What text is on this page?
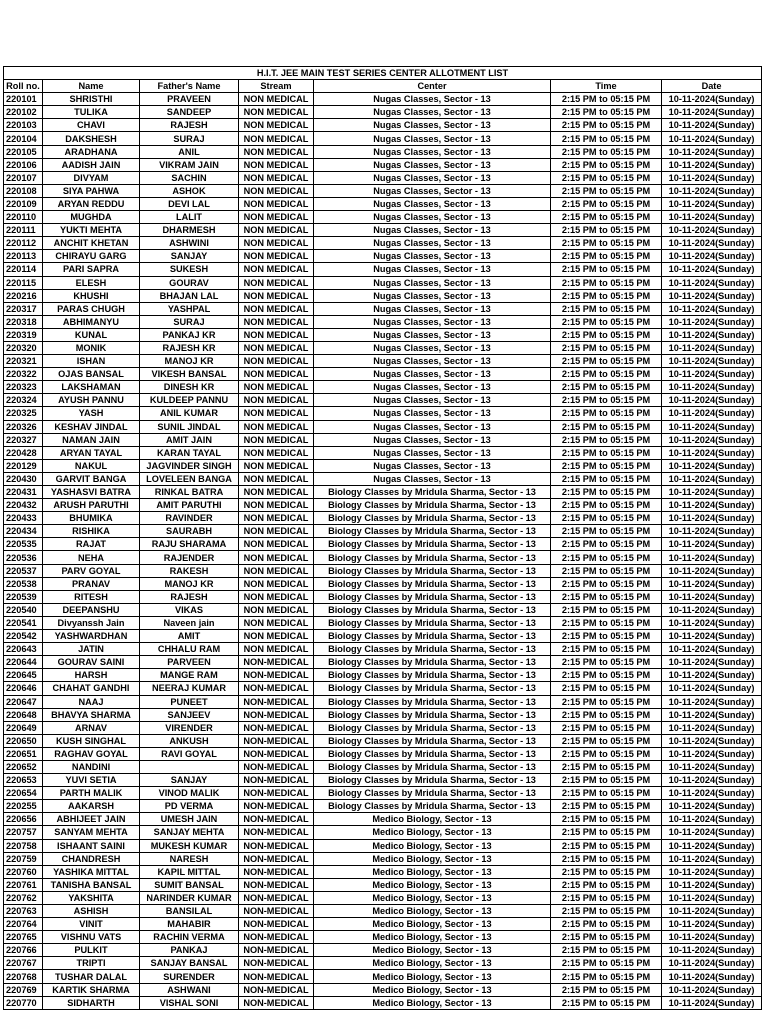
H.I.T. JEE MAIN TEST SERIES CENTER ALLOTMENT LIST						
Roll no.	Name	Father's Name	Stream	Center	Time	Date
220101	SHRISTHI	PRAVEEN	NON MEDICAL	Nugas Classes, Sector - 13	2:15 PM to 05:15 PM	10-11-2024(Sunday)
220102	TULIKA	SANDEEP	NON MEDICAL	Nugas Classes, Sector - 13	2:15 PM to 05:15 PM	10-11-2024(Sunday)
220103	CHAVI	RAJESH	NON MEDICAL	Nugas Classes, Sector - 13	2:15 PM to 05:15 PM	10-11-2024(Sunday)
220104	DAKSHESH	SURAJ	NON MEDICAL	Nugas Classes, Sector - 13	2:15 PM to 05:15 PM	10-11-2024(Sunday)
220105	ARADHANA	ANIL	NON MEDICAL	Nugas Classes, Sector - 13	2:15 PM to 05:15 PM	10-11-2024(Sunday)
220106	AADISH JAIN	VIKRAM JAIN	NON MEDICAL	Nugas Classes, Sector - 13	2:15 PM to 05:15 PM	10-11-2024(Sunday)
220107	DIVYAM	SACHIN	NON MEDICAL	Nugas Classes, Sector - 13	2:15 PM to 05:15 PM	10-11-2024(Sunday)
220108	SIYA PAHWA	ASHOK	NON MEDICAL	Nugas Classes, Sector - 13	2:15 PM to 05:15 PM	10-11-2024(Sunday)
220109	ARYAN REDDU	DEVI LAL	NON MEDICAL	Nugas Classes, Sector - 13	2:15 PM to 05:15 PM	10-11-2024(Sunday)
220110	MUGHDA	LALIT	NON MEDICAL	Nugas Classes, Sector - 13	2:15 PM to 05:15 PM	10-11-2024(Sunday)
220111	YUKTI MEHTA	DHARMESH	NON MEDICAL	Nugas Classes, Sector - 13	2:15 PM to 05:15 PM	10-11-2024(Sunday)
220112	ANCHIT KHETAN	ASHWINI	NON MEDICAL	Nugas Classes, Sector - 13	2:15 PM to 05:15 PM	10-11-2024(Sunday)
220113	CHIRAYU GARG	SANJAY	NON MEDICAL	Nugas Classes, Sector - 13	2:15 PM to 05:15 PM	10-11-2024(Sunday)
220114	PARI SAPRA	SUKESH	NON MEDICAL	Nugas Classes, Sector - 13	2:15 PM to 05:15 PM	10-11-2024(Sunday)
220115	ELESH	GOURAV	NON MEDICAL	Nugas Classes, Sector - 13	2:15 PM to 05:15 PM	10-11-2024(Sunday)
220216	KHUSHI	BHAJAN LAL	NON MEDICAL	Nugas Classes, Sector - 13	2:15 PM to 05:15 PM	10-11-2024(Sunday)
220317	PARAS CHUGH	YASHPAL	NON MEDICAL	Nugas Classes, Sector - 13	2:15 PM to 05:15 PM	10-11-2024(Sunday)
220318	ABHIMANYU	SURAJ	NON MEDICAL	Nugas Classes, Sector - 13	2:15 PM to 05:15 PM	10-11-2024(Sunday)
220319	KUNAL	PANKAJ KR	NON MEDICAL	Nugas Classes, Sector - 13	2:15 PM to 05:15 PM	10-11-2024(Sunday)
220320	MONIK	RAJESH KR	NON MEDICAL	Nugas Classes, Sector - 13	2:15 PM to 05:15 PM	10-11-2024(Sunday)
220321	ISHAN	MANOJ KR	NON MEDICAL	Nugas Classes, Sector - 13	2:15 PM to 05:15 PM	10-11-2024(Sunday)
220322	OJAS BANSAL	VIKESH BANSAL	NON MEDICAL	Nugas Classes, Sector - 13	2:15 PM to 05:15 PM	10-11-2024(Sunday)
220323	LAKSHAMAN	DINESH KR	NON MEDICAL	Nugas Classes, Sector - 13	2:15 PM to 05:15 PM	10-11-2024(Sunday)
220324	AYUSH PANNU	KULDEEP PANNU	NON MEDICAL	Nugas Classes, Sector - 13	2:15 PM to 05:15 PM	10-11-2024(Sunday)
220325	YASH	ANIL KUMAR	NON MEDICAL	Nugas Classes, Sector - 13	2:15 PM to 05:15 PM	10-11-2024(Sunday)
220326	KESHAV JINDAL	SUNIL JINDAL	NON MEDICAL	Nugas Classes, Sector - 13	2:15 PM to 05:15 PM	10-11-2024(Sunday)
220327	NAMAN JAIN	AMIT JAIN	NON MEDICAL	Nugas Classes, Sector - 13	2:15 PM to 05:15 PM	10-11-2024(Sunday)
220428	ARYAN TAYAL	KARAN TAYAL	NON MEDICAL	Nugas Classes, Sector - 13	2:15 PM to 05:15 PM	10-11-2024(Sunday)
220129	NAKUL	JAGVINDER SINGH	NON MEDICAL	Nugas Classes, Sector - 13	2:15 PM to 05:15 PM	10-11-2024(Sunday)
220430	GARVIT BANGA	LOVELEEN BANGA	NON MEDICAL	Nugas Classes, Sector - 13	2:15 PM to 05:15 PM	10-11-2024(Sunday)
220431	YASHASVI BATRA	RINKAL BATRA	NON MEDICAL	Biology Classes by Mridula Sharma, Sector - 13	2:15 PM to 05:15 PM	10-11-2024(Sunday)
220432	ARUSH PARUTHI	AMIT PARUTHI	NON MEDICAL	Biology Classes by Mridula Sharma, Sector - 13	2:15 PM to 05:15 PM	10-11-2024(Sunday)
220433	BHUMIKA	RAVINDER	NON MEDICAL	Biology Classes by Mridula Sharma, Sector - 13	2:15 PM to 05:15 PM	10-11-2024(Sunday)
220434	RISHIKA	SAURABH	NON MEDICAL	Biology Classes by Mridula Sharma, Sector - 13	2:15 PM to 05:15 PM	10-11-2024(Sunday)
220535	RAJAT	RAJU SHARAMA	NON MEDICAL	Biology Classes by Mridula Sharma, Sector - 13	2:15 PM to 05:15 PM	10-11-2024(Sunday)
220536	NEHA	RAJENDER	NON MEDICAL	Biology Classes by Mridula Sharma, Sector - 13	2:15 PM to 05:15 PM	10-11-2024(Sunday)
220537	PARV GOYAL	RAKESH	NON MEDICAL	Biology Classes by Mridula Sharma, Sector - 13	2:15 PM to 05:15 PM	10-11-2024(Sunday)
220538	PRANAV	MANOJ KR	NON MEDICAL	Biology Classes by Mridula Sharma, Sector - 13	2:15 PM to 05:15 PM	10-11-2024(Sunday)
220539	RITESH	RAJESH	NON MEDICAL	Biology Classes by Mridula Sharma, Sector - 13	2:15 PM to 05:15 PM	10-11-2024(Sunday)
220540	DEEPANSHU	VIKAS	NON MEDICAL	Biology Classes by Mridula Sharma, Sector - 13	2:15 PM to 05:15 PM	10-11-2024(Sunday)
220541	Divyanssh Jain	Naveen jain	NON MEDICAL	Biology Classes by Mridula Sharma, Sector - 13	2:15 PM to 05:15 PM	10-11-2024(Sunday)
220542	YASHWARDHAN	AMIT	NON MEDICAL	Biology Classes by Mridula Sharma, Sector - 13	2:15 PM to 05:15 PM	10-11-2024(Sunday)
220643	JATIN	CHHALU RAM	NON MEDICAL	Biology Classes by Mridula Sharma, Sector - 13	2:15 PM to 05:15 PM	10-11-2024(Sunday)
220644	GOURAV SAINI	PARVEEN	NON-MEDICAL	Biology Classes by Mridula Sharma, Sector - 13	2:15 PM to 05:15 PM	10-11-2024(Sunday)
220645	HARSH	MANGE RAM	NON-MEDICAL	Biology Classes by Mridula Sharma, Sector - 13	2:15 PM to 05:15 PM	10-11-2024(Sunday)
220646	CHAHAT GANDHI	NEERAJ KUMAR	NON-MEDICAL	Biology Classes by Mridula Sharma, Sector - 13	2:15 PM to 05:15 PM	10-11-2024(Sunday)
220647	NAAJ	PUNEET	NON-MEDICAL	Biology Classes by Mridula Sharma, Sector - 13	2:15 PM to 05:15 PM	10-11-2024(Sunday)
220648	BHAVYA SHARMA	SANJEEV	NON-MEDICAL	Biology Classes by Mridula Sharma, Sector - 13	2:15 PM to 05:15 PM	10-11-2024(Sunday)
220649	ARNAV	VIRENDER	NON-MEDICAL	Biology Classes by Mridula Sharma, Sector - 13	2:15 PM to 05:15 PM	10-11-2024(Sunday)
220650	KUSH SINGHAL	ANKUSH	NON-MEDICAL	Biology Classes by Mridula Sharma, Sector - 13	2:15 PM to 05:15 PM	10-11-2024(Sunday)
220651	RAGHAV GOYAL	RAVI GOYAL	NON-MEDICAL	Biology Classes by Mridula Sharma, Sector - 13	2:15 PM to 05:15 PM	10-11-2024(Sunday)
220652	NANDINI		NON-MEDICAL	Biology Classes by Mridula Sharma, Sector - 13	2:15 PM to 05:15 PM	10-11-2024(Sunday)
220653	YUVI SETIA	SANJAY	NON-MEDICAL	Biology Classes by Mridula Sharma, Sector - 13	2:15 PM to 05:15 PM	10-11-2024(Sunday)
220654	PARTH MALIK	VINOD MALIK	NON-MEDICAL	Biology Classes by Mridula Sharma, Sector - 13	2:15 PM to 05:15 PM	10-11-2024(Sunday)
220255	AAKARSH	PD VERMA	NON-MEDICAL	Biology Classes by Mridula Sharma, Sector - 13	2:15 PM to 05:15 PM	10-11-2024(Sunday)
220656	ABHIJEET JAIN	UMESH JAIN	NON-MEDICAL	Medico Biology, Sector - 13	2:15 PM to 05:15 PM	10-11-2024(Sunday)
220757	SANYAM MEHTA	SANJAY MEHTA	NON-MEDICAL	Medico Biology, Sector - 13	2:15 PM to 05:15 PM	10-11-2024(Sunday)
220758	ISHAANT SAINI	MUKESH KUMAR	NON-MEDICAL	Medico Biology, Sector - 13	2:15 PM to 05:15 PM	10-11-2024(Sunday)
220759	CHANDRESH	NARESH	NON-MEDICAL	Medico Biology, Sector - 13	2:15 PM to 05:15 PM	10-11-2024(Sunday)
220760	YASHIKA MITTAL	KAPIL MITTAL	NON-MEDICAL	Medico Biology, Sector - 13	2:15 PM to 05:15 PM	10-11-2024(Sunday)
220761	TANISHA BANSAL	SUMIT BANSAL	NON-MEDICAL	Medico Biology, Sector - 13	2:15 PM to 05:15 PM	10-11-2024(Sunday)
220762	YAKSHITA	NARINDER KUMAR	NON-MEDICAL	Medico Biology, Sector - 13	2:15 PM to 05:15 PM	10-11-2024(Sunday)
220763	ASHISH	BANSILAL	NON-MEDICAL	Medico Biology, Sector - 13	2:15 PM to 05:15 PM	10-11-2024(Sunday)
220764	VINIT	MAHABIR	NON-MEDICAL	Medico Biology, Sector - 13	2:15 PM to 05:15 PM	10-11-2024(Sunday)
220765	VISHNU VATS	RACHIN VERMA	NON-MEDICAL	Medico Biology, Sector - 13	2:15 PM to 05:15 PM	10-11-2024(Sunday)
220766	PULKIT	PANKAJ	NON-MEDICAL	Medico Biology, Sector - 13	2:15 PM to 05:15 PM	10-11-2024(Sunday)
220767	TRIPTI	SANJAY BANSAL	NON-MEDICAL	Medico Biology, Sector - 13	2:15 PM to 05:15 PM	10-11-2024(Sunday)
220768	TUSHAR DALAL	SURENDER	NON-MEDICAL	Medico Biology, Sector - 13	2:15 PM to 05:15 PM	10-11-2024(Sunday)
220769	KARTIK SHARMA	ASHWANI	NON-MEDICAL	Medico Biology, Sector - 13	2:15 PM to 05:15 PM	10-11-2024(Sunday)
220770	SIDHARTH	VISHAL SONI	NON-MEDICAL	Medico Biology, Sector - 13	2:15 PM to 05:15 PM	10-11-2024(Sunday)
